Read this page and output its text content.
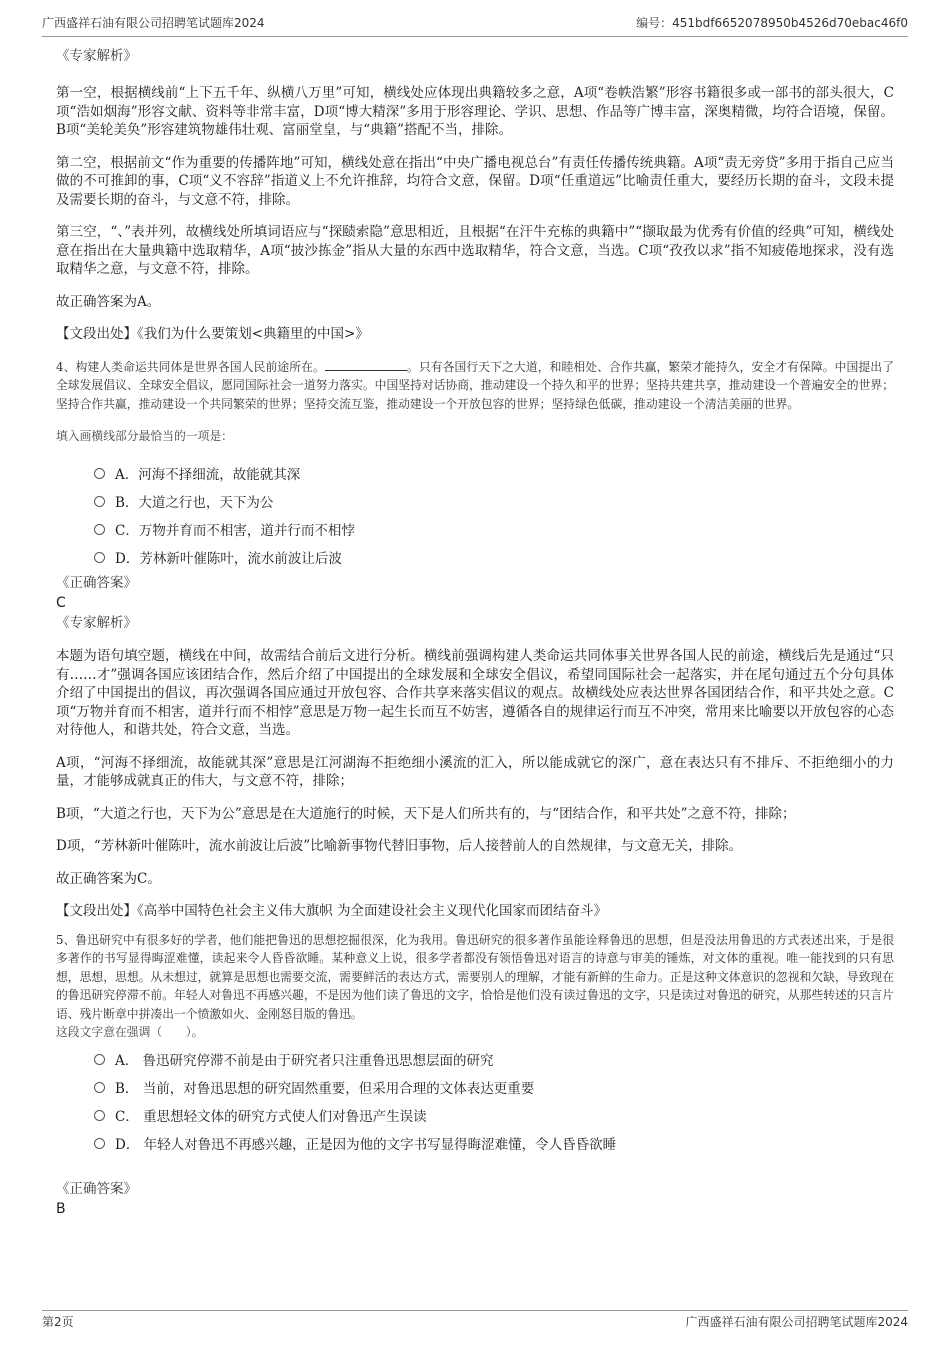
广西盛祥石油有限公司招聘笔试题库2024	编号：451bdf6652078950b4526d70ebac46f0
《专家解析》

第一空，根据横线前“上下五千年、纵横八万里”可知，横线处应体现出典籍较多之意，A项“卷帙浩繁”形容书籍很多或一部书的部头很大，C项“浩如烟海”形容文献、资料等非常丰富，D项“博大精深”多用于形容理论、学识、思想、作品等广博丰富，深奥精微，均符合语境，保留。B项“美轮美奂”形容建筑物雄伟壮观、富丽堂皇，与“典籍”搭配不当，排除。

第二空，根据前文“作为重要的传播阵地”可知，横线处意在指出“中央广播电视总台”有责任传播传统典籍。A项“责无旁贷”多用于指自己应当做的不可推卸的事，C项“义不容辞”指道义上不允许推辞，均符合文意，保留。D项“任重道远”比喻责任重大，要经历长期的奋斗，文段未提及需要长期的奋斗，与文意不符，排除。

第三空，“、”表并列，故横线处所填词语应与“探赜索隐”意思相近，且根据“在汗牛充栋的典籍中”“撷取最为优秀有价值的经典”可知，横线处意在指出在大量典籍中选取精华，A项“披沙拣金”指从大量的东西中选取精华，符合文意，当选。C项“孜孜以求”指不知疲倦地探求，没有选取精华之意，与文意不符，排除。

故正确答案为A。

【文段出处】《我们为什么要策划<典籍里的中国>》

4、构建人类命运共同体是世界各国人民前途所在。	。只有各国行天下之大道，和睦相处、合作共赢，繁荣才能持久，安全才有保障。中国提出了全球发展倡议、全球安全倡议，愿同国际社会一道努力落实。中国坚持对话协商，推动建设一个持久和平的世界；坚持共建共享，推动建设一个普遍安全的世界；坚持合作共赢，推动建设一个共同繁荣的世界；坚持交流互鉴，推动建设一个开放包容的世界；坚持绿色低碳，推动建设一个清洁美丽的世界。

填入画横线部分最恰当的一项是：

A．河海不择细流，故能就其深
B．大道之行也，天下为公
C．万物并育而不相害，道并行而不相悖
D．芳林新叶催陈叶，流水前波让后波
《正确答案》

C

《专家解析》

本题为语句填空题，横线在中间，故需结合前后文进行分析。横线前强调构建人类命运共同体事关世界各国人民的前途，横线后先是通过“只有……才”强调各国应该团结合作，然后介绍了中国提出的全球发展和全球安全倡议，希望同国际社会一起落实，并在尾句通过五个分句具体介绍了中国提出的倡议，再次强调各国应通过开放包容、合作共享来落实倡议的观点。故横线处应表达世界各国团结合作，和平共处之意。C项“万物并育而不相害，道并行而不相悖”意思是万物一起生长而互不妨害，遵循各自的规律运行而互不冲突，常用来比喻要以开放包容的心态对待他人，和谐共处，符合文意，当选。

A项，“河海不择细流，故能就其深”意思是江河湖海不拒绝细小溪流的汇入，所以能成就它的深广，意在表达只有不排斥、不拒绝细小的力量，才能够成就真正的伟大，与文意不符，排除；

B项，“大道之行也，天下为公”意思是在大道施行的时候，天下是人们所共有的，与“团结合作，和平共处”之意不符，排除；

D项，“芳林新叶催陈叶，流水前波让后波”比喻新事物代替旧事物，后人接替前人的自然规律，与文意无关，排除。

故正确答案为C。

【文段出处】《高举中国特色社会主义伟大旗帜 为全面建设社会主义现代化国家而团结奋斗》

5、鲁迅研究中有很多好的学者，他们能把鲁迅的思想挖掘很深，化为我用。鲁迅研究的很多著作虽能诠释鲁迅的思想，但是没法用鲁迅的方式表述出来，于是很多著作的书写显得晦涩难懂，读起来令人昏昏欲睡。某种意义上说，很多学者都没有领悟鲁迅对语言的诗意与审美的锤炼，对文体的重视。唯一能找到的只有思想，思想，思想。从未想过，就算是思想也需要交流，需要鲜活的表达方式，需要别人的理解，才能有新鲜的生命力。正是这种文体意识的忽视和欠缺，导致现在的鲁迅研究停滞不前。年轻人对鲁迅不再感兴趣，不是因为他们读了鲁迅的文字，恰恰是他们没有读过鲁迅的文字，只是读过对鲁迅的研究，从那些转述的只言片语、残片断章中拼凑出一个愤激如火、金刚怒目版的鲁迅。

这段文字意在强调（　　）。

A． 鲁迅研究停滞不前是由于研究者只注重鲁迅思想层面的研究
B． 当前，对鲁迅思想的研究固然重要，但采用合理的文体表达更重要
C． 重思想轻文体的研究方式使人们对鲁迅产生误读
D． 年轻人对鲁迅不再感兴趣，正是因为他的文字书写显得晦涩难懂，令人昏昏欲睡
《正确答案》

B

第2页	广西盛祥石油有限公司招聘笔试题库2024
